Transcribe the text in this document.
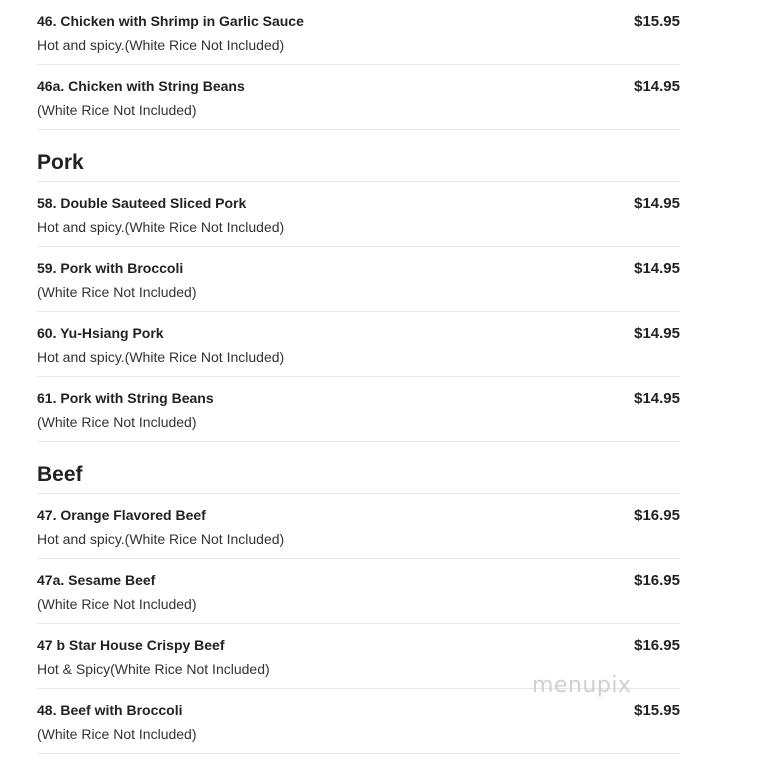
46. Chicken with Shrimp in Garlic Sauce
Hot and spicy.(White Rice Not Included)
$15.95
46a. Chicken with String Beans
(White Rice Not Included)
$14.95
Pork
58. Double Sauteed Sliced Pork
Hot and spicy.(White Rice Not Included)
$14.95
59. Pork with Broccoli
(White Rice Not Included)
$14.95
60. Yu-Hsiang Pork
Hot and spicy.(White Rice Not Included)
$14.95
61. Pork with String Beans
(White Rice Not Included)
$14.95
Beef
47. Orange Flavored Beef
Hot and spicy.(White Rice Not Included)
$16.95
47a. Sesame Beef
(White Rice Not Included)
$16.95
47 b Star House Crispy Beef
Hot & Spicy(White Rice Not Included)
$16.95
48. Beef with Broccoli
(White Rice Not Included)
$15.95
menupix
